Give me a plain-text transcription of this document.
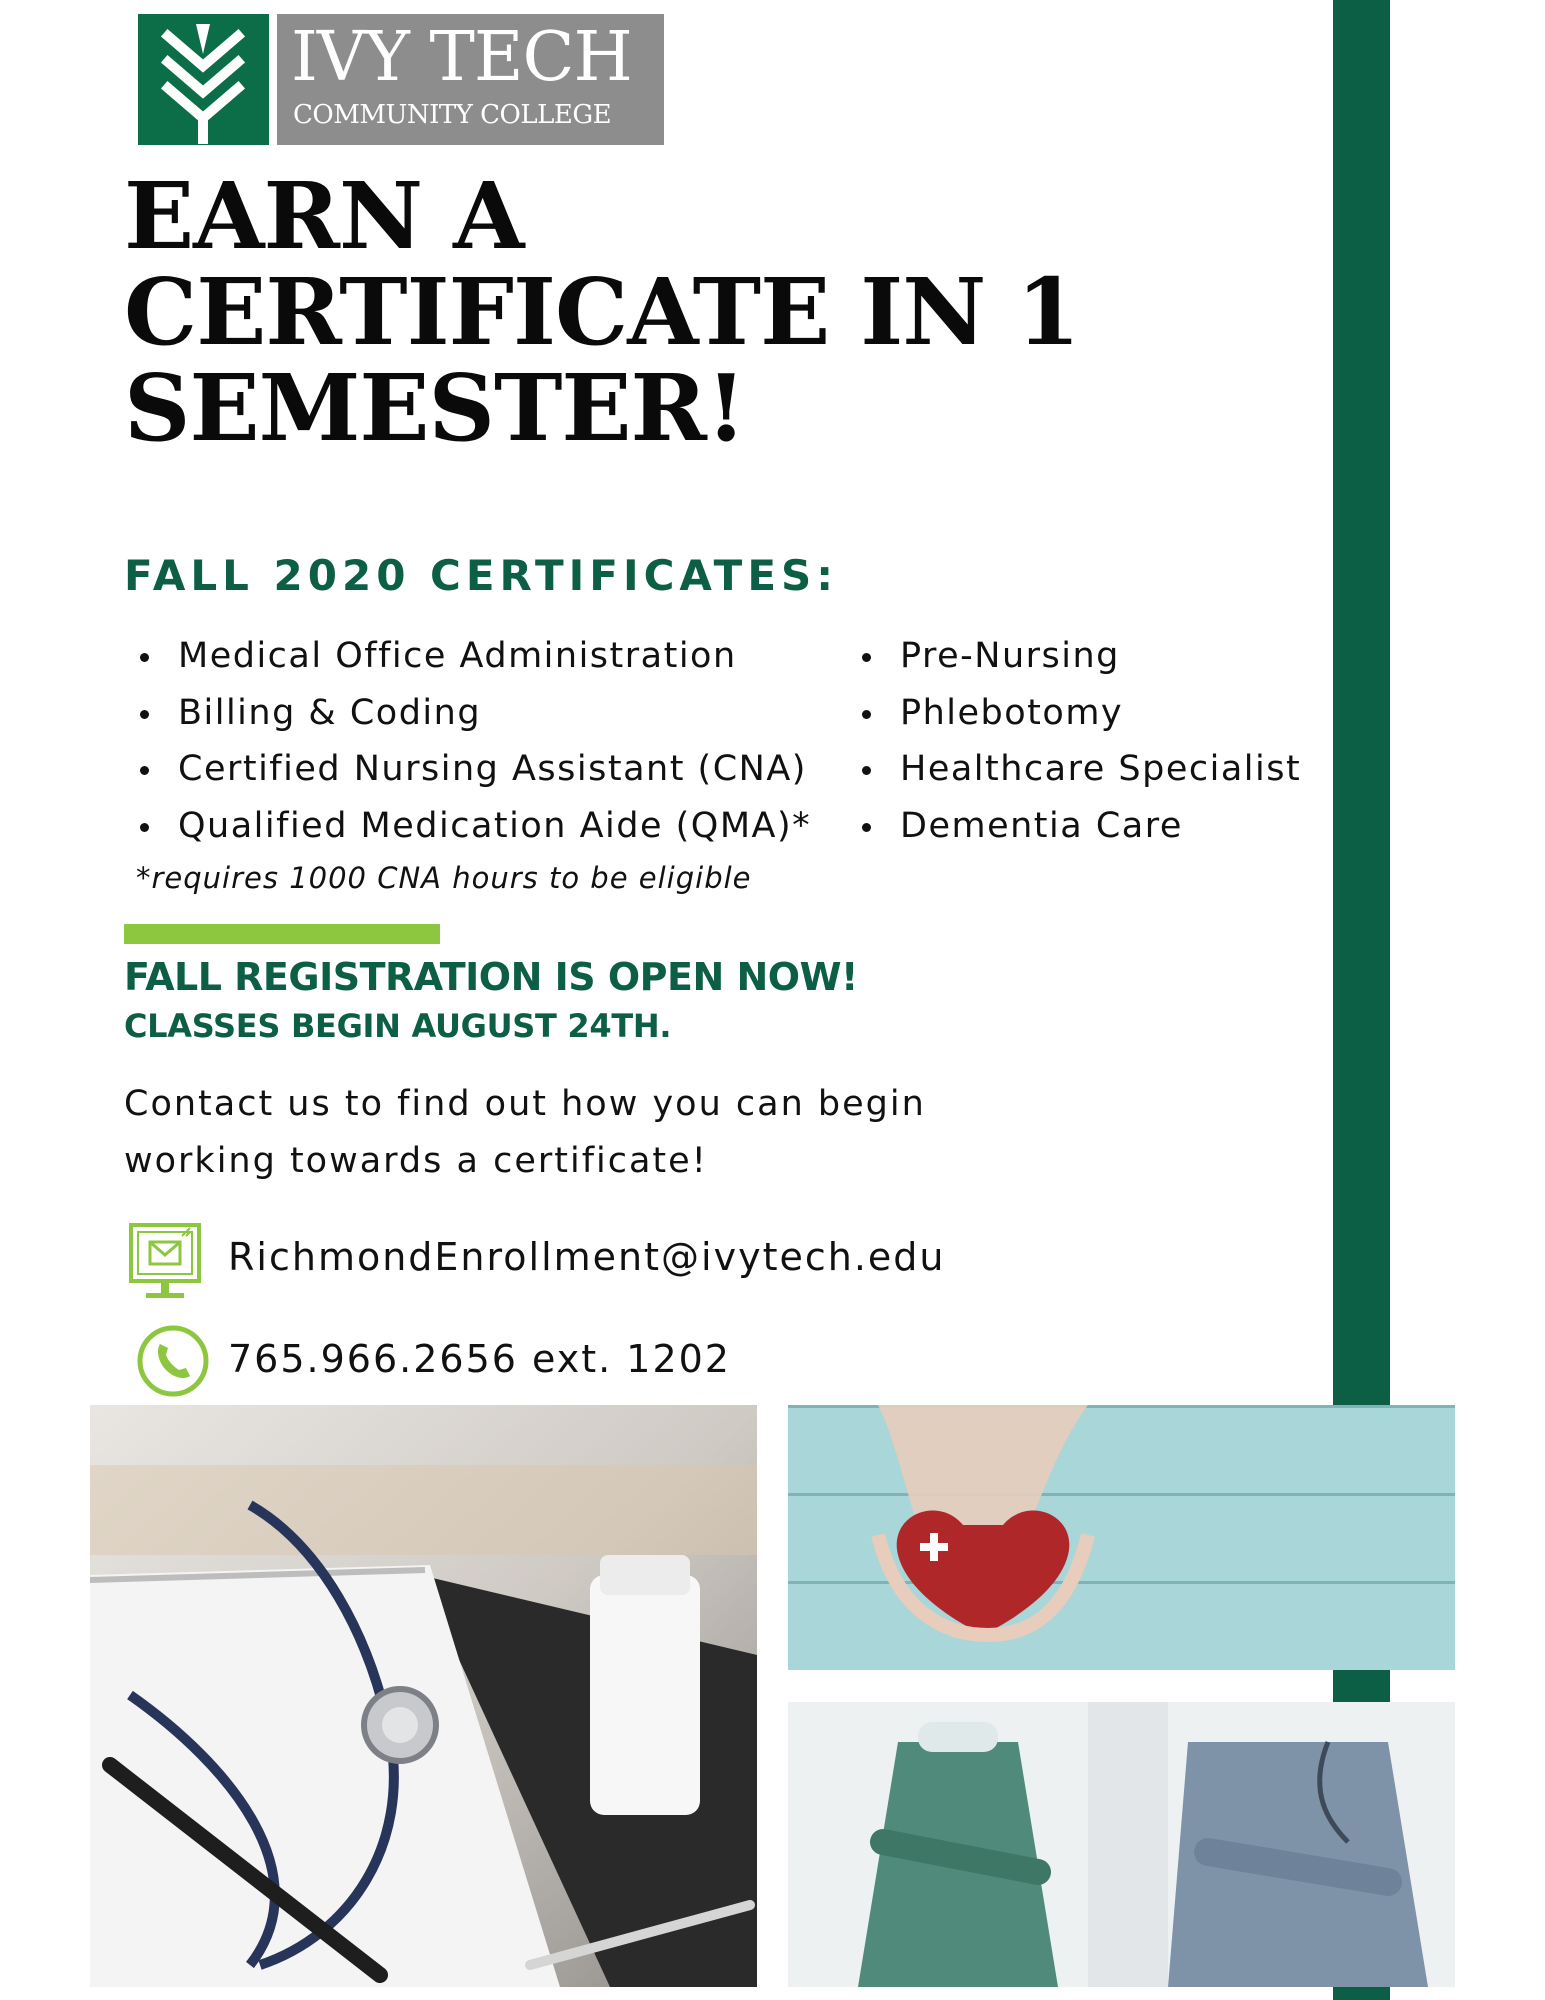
IVY TECH
COMMUNITY COLLEGE
EARN A
CERTIFICATE IN 1
SEMESTER!
FALL 2020 CERTIFICATES:
Medical Office Administration
Billing & Coding
Certified Nursing Assistant (CNA)
Qualified Medication Aide (QMA)*
Pre-Nursing
Phlebotomy
Healthcare Specialist
Dementia Care
*requires 1000 CNA hours to be eligible
FALL REGISTRATION IS OPEN NOW!
CLASSES BEGIN AUGUST 24TH.
Contact us to find out how you can begin
working towards a certificate!
RichmondEnrollment@ivytech.edu
765.966.2656 ext. 1202
